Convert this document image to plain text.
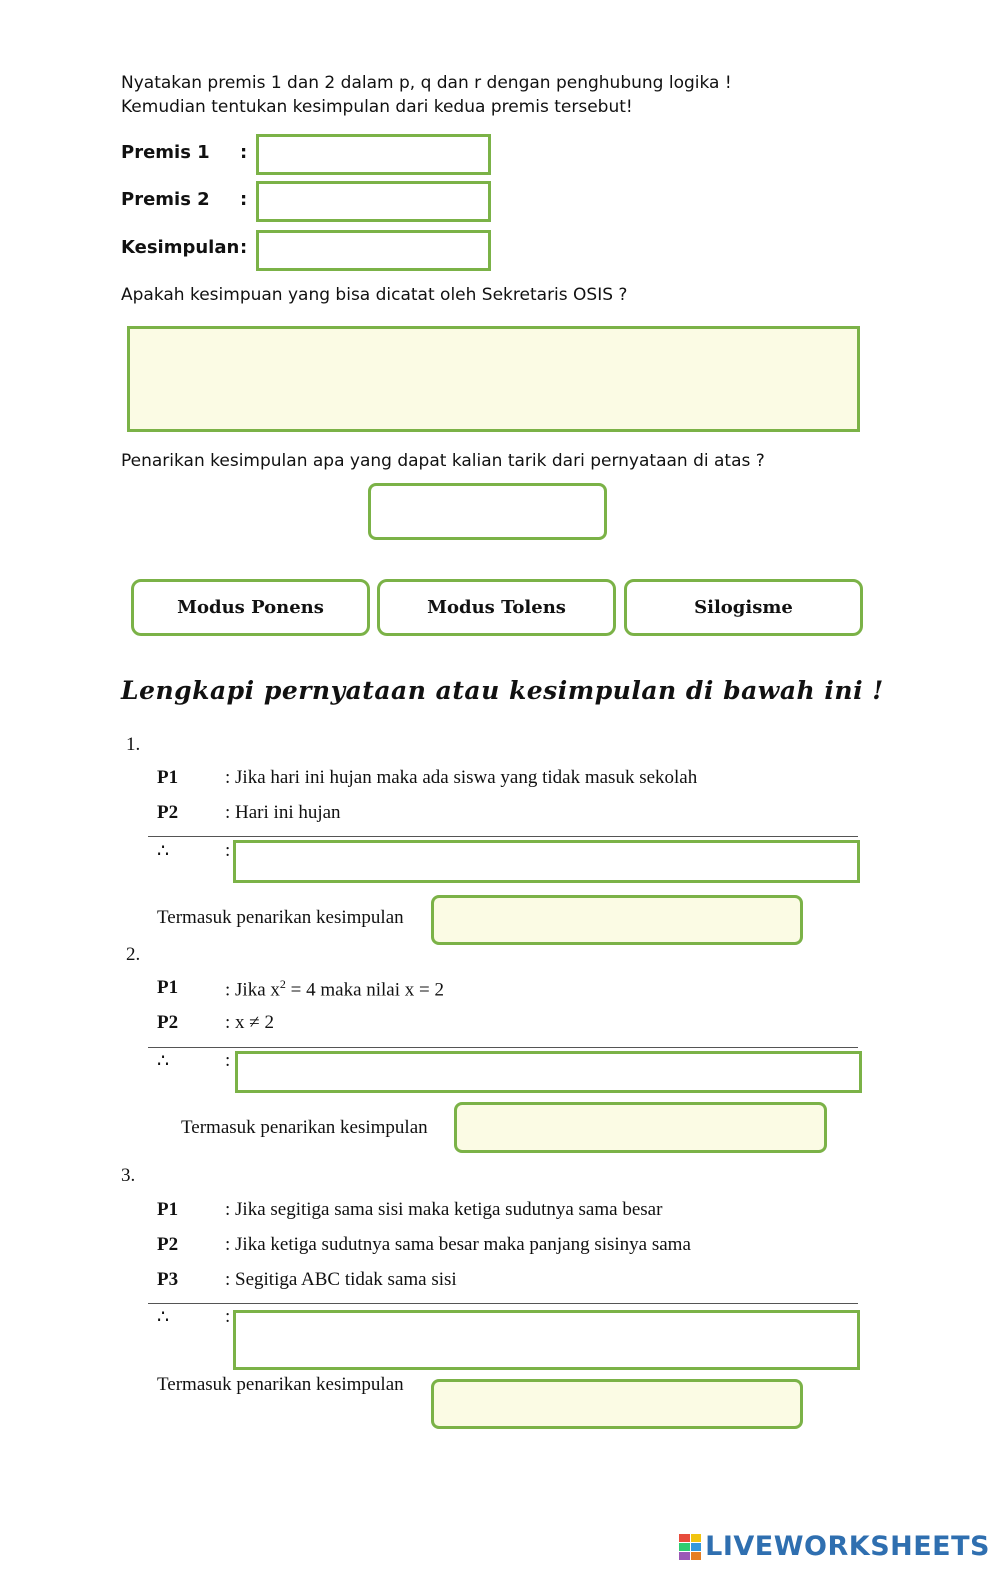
Nyatakan premis 1 dan 2 dalam p, q dan r dengan penghubung logika !
Kemudian tentukan kesimpulan dari kedua premis tersebut!
Premis 1 :
Premis 2 :
Kesimpulan :
Apakah kesimpuan yang bisa dicatat oleh Sekretaris OSIS ?
Penarikan kesimpulan apa yang dapat kalian tarik dari pernyataan di atas ?
Modus Ponens	Modus Tolens	Silogisme
Lengkapi pernyataan atau kesimpulan di bawah ini !
1.
P1 : Jika hari ini hujan maka ada siswa yang tidak masuk sekolah
P2 : Hari ini hujan
∴	:
Termasuk penarikan kesimpulan
2.
P1 : Jika $x^2 = 4$ maka nilai x = 2
P2 : x ≠ 2
∴	:
Termasuk penarikan kesimpulan
3.
P1 : Jika segitiga sama sisi maka ketiga sudutnya sama besar
P2 : Jika ketiga sudutnya sama besar maka panjang sisinya sama
P3 : Segitiga ABC tidak sama sisi
∴	:
Termasuk penarikan kesimpulan
LIVEWORKSHEETS
